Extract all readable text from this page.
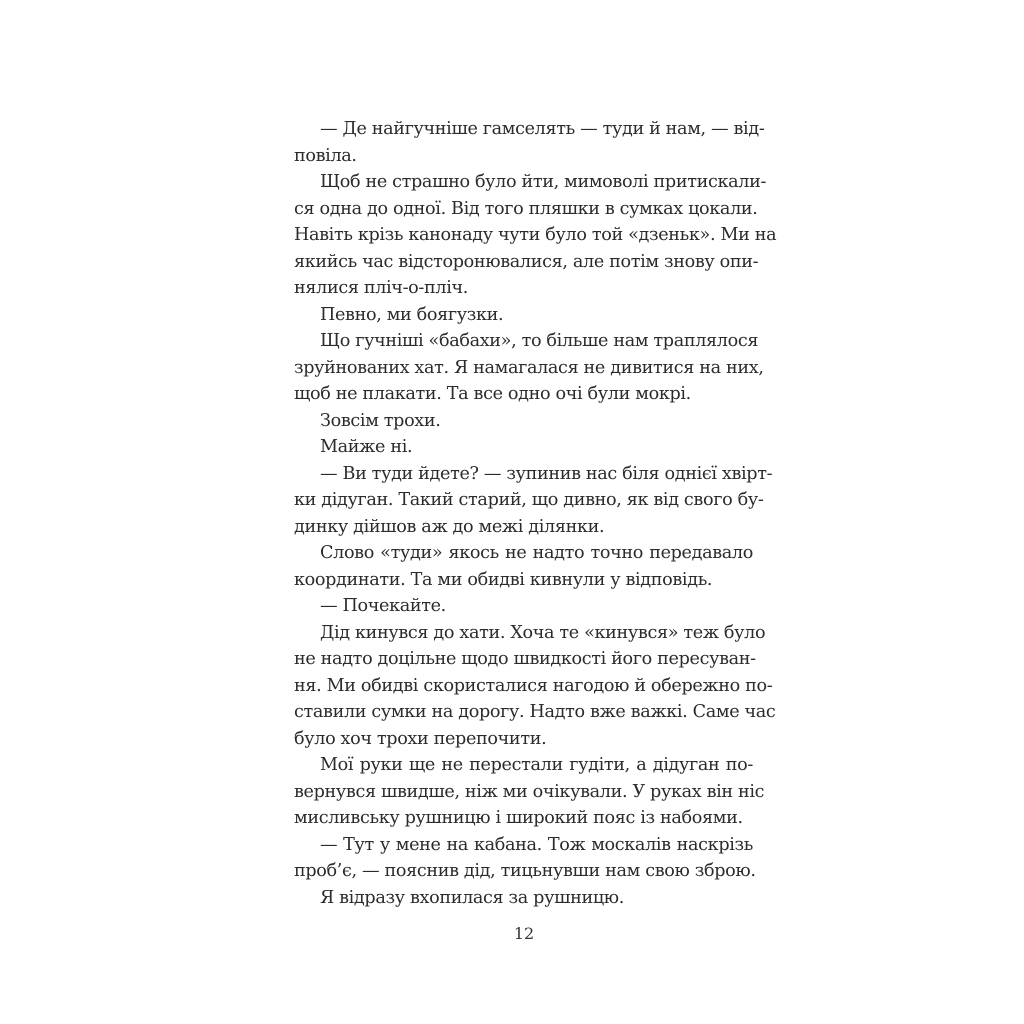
— Де найгучніше гамселять — туди й нам, — від-
повіла.
Щоб не страшно було йти, мимоволі притискали-
ся одна до одної. Від того пляшки в сумках цокали.
Навіть крізь канонаду чути було той «дзеньк». Ми на
якийсь час відсторонювалися, але потім знову опи-
нялися пліч-о-пліч.
Певно, ми боягузки.
Що гучніші «бабахи», то більше нам траплялося
зруйнованих хат. Я намагалася не дивитися на них,
щоб не плакати. Та все одно очі були мокрі.
Зовсім трохи.
Майже ні.
— Ви туди йдете? — зупинив нас біля однієї хвірт-
ки дідуган. Такий старий, що дивно, як від свого бу-
динку дійшов аж до межі ділянки.
Слово «туди» якось не надто точно передавало
координати. Та ми обидві кивнули у відповідь.
— Почекайте.
Дід кинувся до хати. Хоча те «кинувся» теж було
не надто доцільне щодо швидкості його пересуван-
ня. Ми обидві скористалися нагодою й обережно по-
ставили сумки на дорогу. Надто вже важкі. Саме час
було хоч трохи перепочити.
Мої руки ще не перестали гудіти, а дідуган по-
вернувся швидше, ніж ми очікували. У руках він ніс
мисливську рушницю і широкий пояс із набоями.
— Тут у мене на кабана. Тож москалів наскрізь
проб’є, — пояснив дід, тицьнувши нам свою зброю.
Я відразу вхопилася за рушницю.
12
